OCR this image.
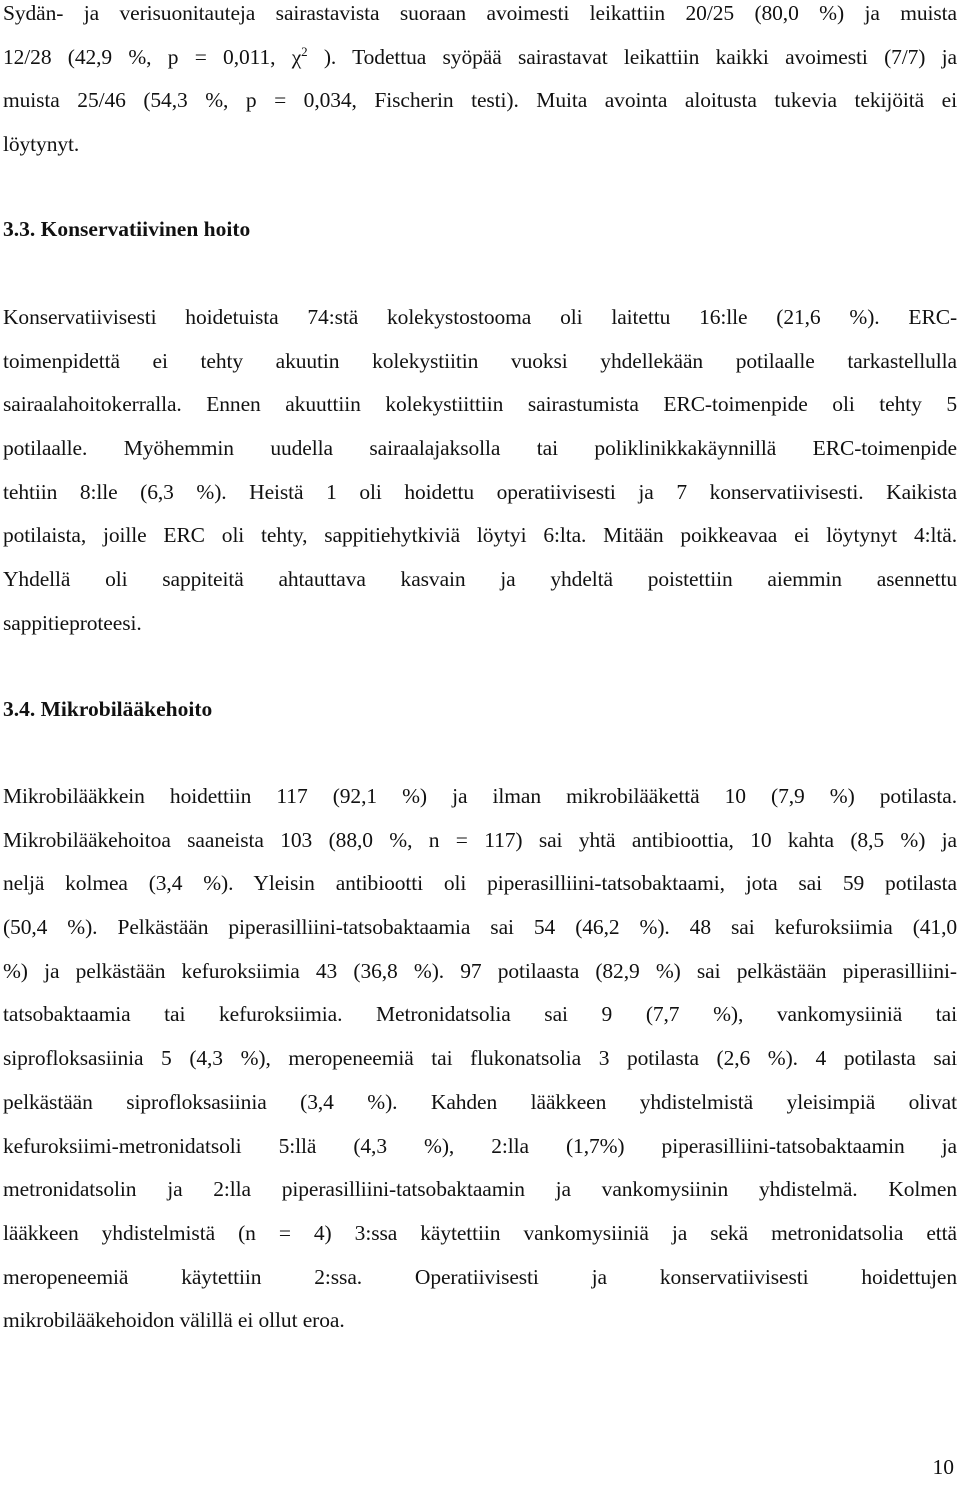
Sydän- ja verisuonitauteja sairastavista suoraan avoimesti leikattiin 20/25 (80,0 %) ja muista
12/28 (42,9 %, p = 0,011, $\chi^2$ ). Todettua syöpää sairastavat leikattiin kaikki avoimesti (7/7) ja
muista 25/46 (54,3 %, p = 0,034, Fischerin testi). Muita avointa aloitusta tukevia tekijöitä ei
löytynyt.

3.3. Konservatiivinen hoito

Konservatiivisesti hoidetuista 74:stä kolekystostooma oli laitettu 16:lle (21,6 %). ERC-
toimenpidettä ei tehty akuutin kolekystiitin vuoksi yhdellekään potilaalle tarkastellulla
sairaalahoitokerralla. Ennen akuuttiin kolekystiittiin sairastumista ERC-toimenpide oli tehty 5
potilaalle. Myöhemmin uudella sairaalajaksolla tai poliklinikkakäynnillä ERC-toimenpide
tehtiin 8:lle (6,3 %). Heistä 1 oli hoidettu operatiivisesti ja 7 konservatiivisesti. Kaikista
potilaista, joille ERC oli tehty, sappitiehytkiviä löytyi 6:lta. Mitään poikkeavaa ei löytynyt 4:ltä.
Yhdellä oli sappiteitä ahtauttava kasvain ja yhdeltä poistettiin aiemmin asennettu
sappitieproteesi.

3.4. Mikrobilääkehoito

Mikrobilääkkein hoidettiin 117 (92,1 %) ja ilman mikrobilääkettä 10 (7,9 %) potilasta.
Mikrobilääkehoitoa saaneista 103 (88,0 %, n = 117) sai yhtä antibioottia, 10 kahta (8,5 %) ja
neljä kolmea (3,4 %). Yleisin antibiootti oli piperasilliini-tatsobaktaami, jota sai 59 potilasta
(50,4 %). Pelkästään piperasilliini-tatsobaktaamia sai 54 (46,2 %). 48 sai kefuroksiimia (41,0
%) ja pelkästään kefuroksiimia 43 (36,8 %). 97 potilaasta (82,9 %) sai pelkästään piperasilliini-
tatsobaktaamia tai kefuroksiimia. Metronidatsolia sai 9 (7,7 %), vankomysiiniä tai
siprofloksasiinia 5 (4,3 %), meropeneemiä tai flukonatsolia 3 potilasta (2,6 %). 4 potilasta sai
pelkästään siprofloksasiinia (3,4 %). Kahden lääkkeen yhdistelmistä yleisimpiä olivat
kefuroksiimi-metronidatsoli 5:llä (4,3 %), 2:lla (1,7%) piperasilliini-tatsobaktaamin ja
metronidatsolin ja 2:lla piperasilliini-tatsobaktaamin ja vankomysiinin yhdistelmä. Kolmen
lääkkeen yhdistelmistä (n = 4) 3:ssa käytettiin vankomysiiniä ja sekä metronidatsolia että
meropeneemiä käytettiin 2:ssa. Operatiivisesti ja konservatiivisesti hoidettujen
mikrobilääkehoidon välillä ei ollut eroa.

10
